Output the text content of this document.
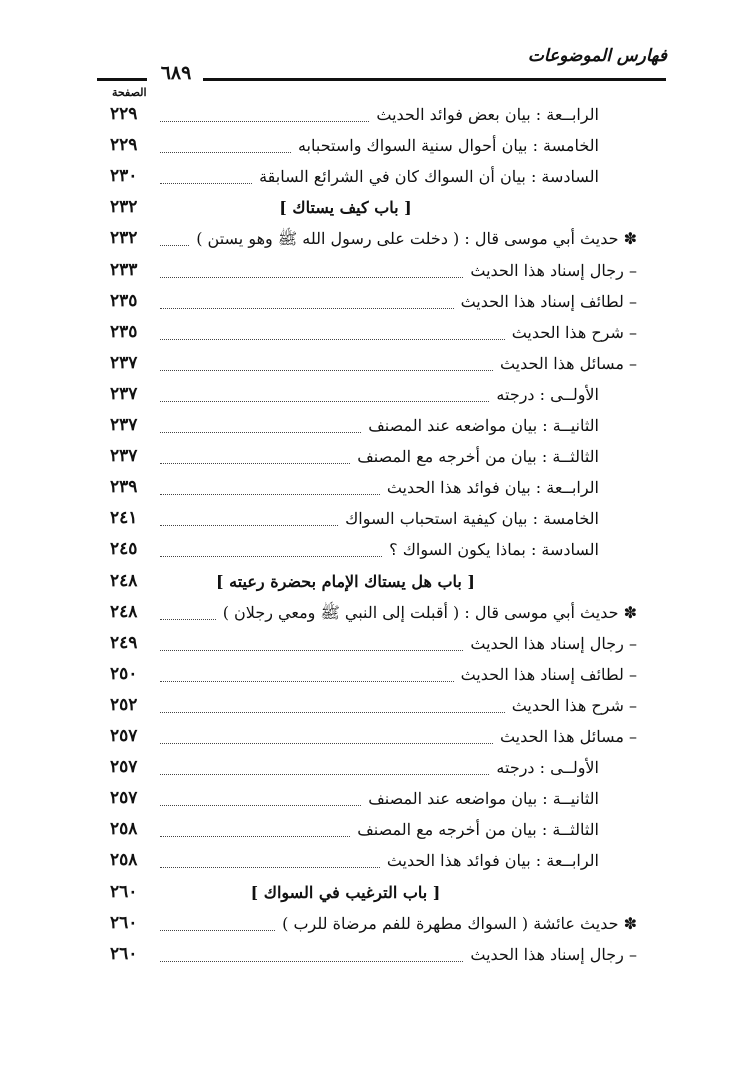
فهارس الموضوعات
٦٨٩
الصفحة
الرابــعة : بيان بعض فوائد الحديث
٢٢٩
الخامسة : بيان أحوال سنية السواك واستحبابه
٢٢٩
السادسة : بيان أن السواك كان في الشرائع السابقة
٢٣٠
[ باب كيف يستاك ]
٢٣٢
✽ حديث أبي موسى قال : ( دخلت على رسول الله ﷺ وهو يستن )
٢٣٢
– رجال إسناد هذا الحديث
٢٣٣
– لطائف إسناد هذا الحديث
٢٣٥
– شرح هذا الحديث
٢٣٥
– مسائل هذا الحديث
٢٣٧
الأولــى : درجته
٢٣٧
الثانيــة : بيان مواضعه عند المصنف
٢٣٧
الثالثــة : بيان من أخرجه مع المصنف
٢٣٧
الرابــعة : بيان فوائد هذا الحديث
٢٣٩
الخامسة : بيان كيفية استحباب السواك
٢٤١
السادسة : بماذا يكون السواك ؟
٢٤٥
[ باب هل يستاك الإمام بحضرة رعيته ]
٢٤٨
✽ حديث أبي موسى قال : ( أقبلت إلى النبي ﷺ ومعي رجلان )
٢٤٨
– رجال إسناد هذا الحديث
٢٤٩
– لطائف إسناد هذا الحديث
٢٥٠
– شرح هذا الحديث
٢٥٢
– مسائل هذا الحديث
٢٥٧
الأولــى : درجته
٢٥٧
الثانيــة : بيان مواضعه عند المصنف
٢٥٧
الثالثــة : بيان من أخرجه مع المصنف
٢٥٨
الرابــعة : بيان فوائد هذا الحديث
٢٥٨
[ باب الترغيب في السواك ]
٢٦٠
✽ حديث عائشة ( السواك مطهرة للفم مرضاة للرب )
٢٦٠
– رجال إسناد هذا الحديث
٢٦٠
